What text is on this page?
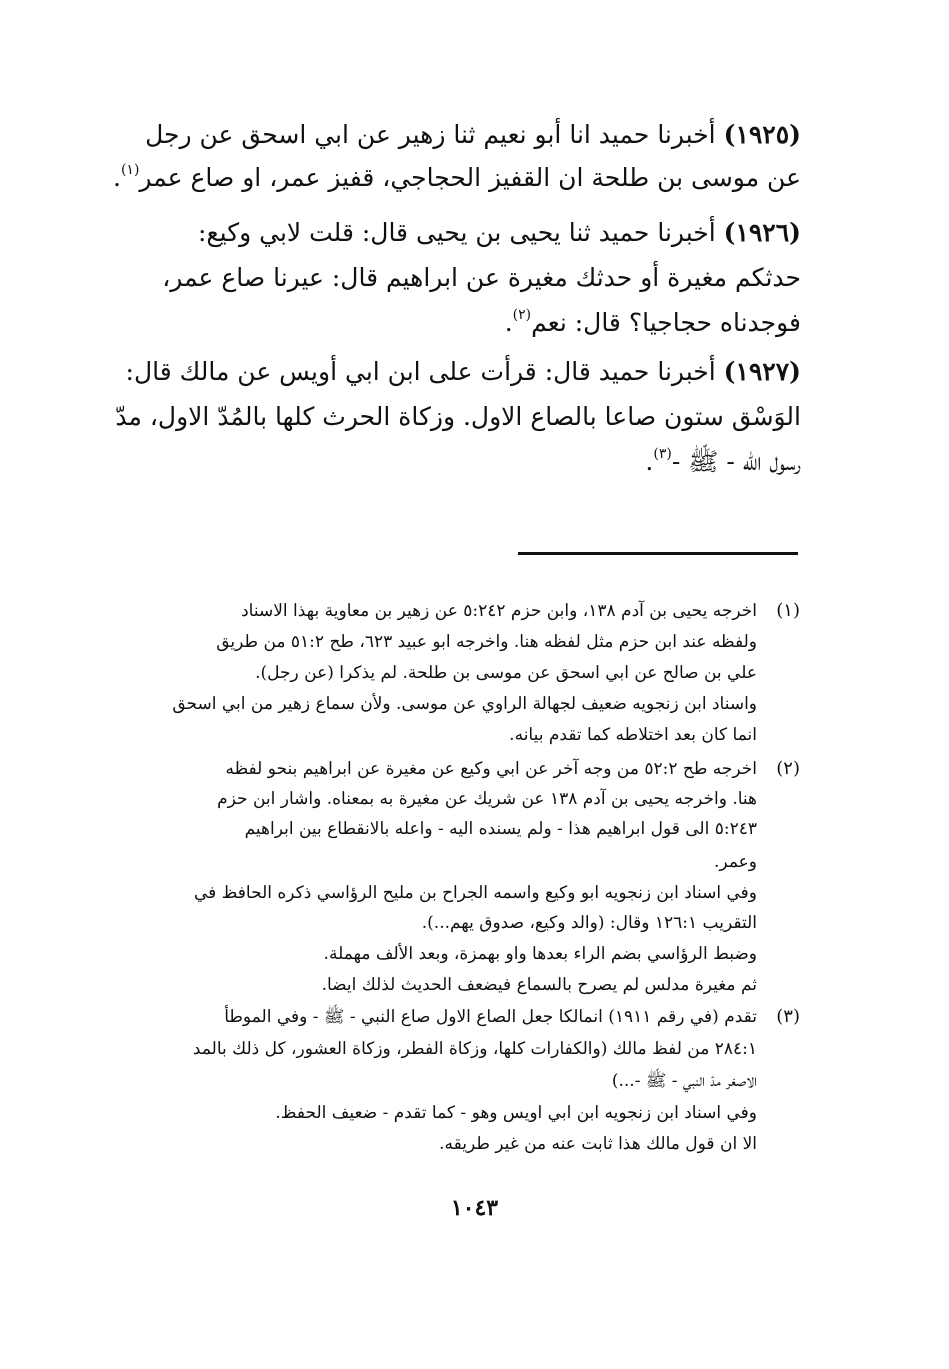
(١٩٢٥) أخبرنا حميد انا أبو نعيم ثنا زهير عن ابي اسحق عن رجل
عن موسى بن طلحة ان القفيز الحجاجي، قفيز عمر، او صاع عمر$^{(١)}$.
(١٩٢٦) أخبرنا حميد ثنا يحيى بن يحيى قال: قلت لابي وكيع:
حدثكم مغيرة أو حدثك مغيرة عن ابراهيم قال: عيرنا صاع عمر،
فوجدناه حجاجيا؟ قال: نعم$^{(٢)}$.
(١٩٢٧) أخبرنا حميد قال: قرأت على ابن ابي أويس عن مالك قال:
الوَسْق ستون صاعا بالصاع الاول. وزكاة الحرث كلها بالمُدّ الاول، مدّ
رسول الله - ﷺ -$^{(٣)}$.
(١)
اخرجه يحيى بن آدم ١٣٨، وابن حزم ٥:٢٤٢ عن زهير بن معاوية بهذا الاسناد
ولفظه عند ابن حزم مثل لفظه هنا. واخرجه ابو عبيد ٦٢٣، طح ٥١:٢ من طريق
علي بن صالح عن ابي اسحق عن موسى بن طلحة. لم يذكرا (عن رجل).
واسناد ابن زنجويه ضعيف لجهالة الراوي عن موسى. ولأن سماع زهير من ابي اسحق
انما كان بعد اختلاطه كما تقدم بيانه.
(٢)
اخرجه طح ٥٢:٢ من وجه آخر عن ابي وكيع عن مغيرة عن ابراهيم بنحو لفظه
هنا. واخرجه يحيى بن آدم ١٣٨ عن شريك عن مغيرة به بمعناه. واشار ابن حزم
٥:٢٤٣ الى قول ابراهيم هذا - ولم يسنده اليه - واعله بالانقطاع بين ابراهيم
وعمر.
وفي اسناد ابن زنجويه ابو وكيع واسمه الجراح بن مليح الرؤاسي ذكره الحافظ في
التقريب ١٢٦:١ وقال: (والد وكيع، صدوق يهم...).
وضبط الرؤاسي بضم الراء بعدها واو بهمزة، وبعد الألف مهملة.
ثم مغيرة مدلس لم يصرح بالسماع فيضعف الحديث لذلك ايضا.
(٣)
تقدم (في رقم ١٩١١) انمالكا جعل الصاع الاول صاع النبي - ﷺ - وفي الموطأ
٢٨٤:١ من لفظ مالك (والكفارات كلها، وزكاة الفطر، وزكاة العشور، كل ذلك بالمد
الاصغر مدّ النبي - ﷺ -...)
وفي اسناد ابن زنجويه ابن ابي اويس وهو - كما تقدم - ضعيف الحفظ.
الا ان قول مالك هذا ثابت عنه من غير طريقه.
١٠٤٣
